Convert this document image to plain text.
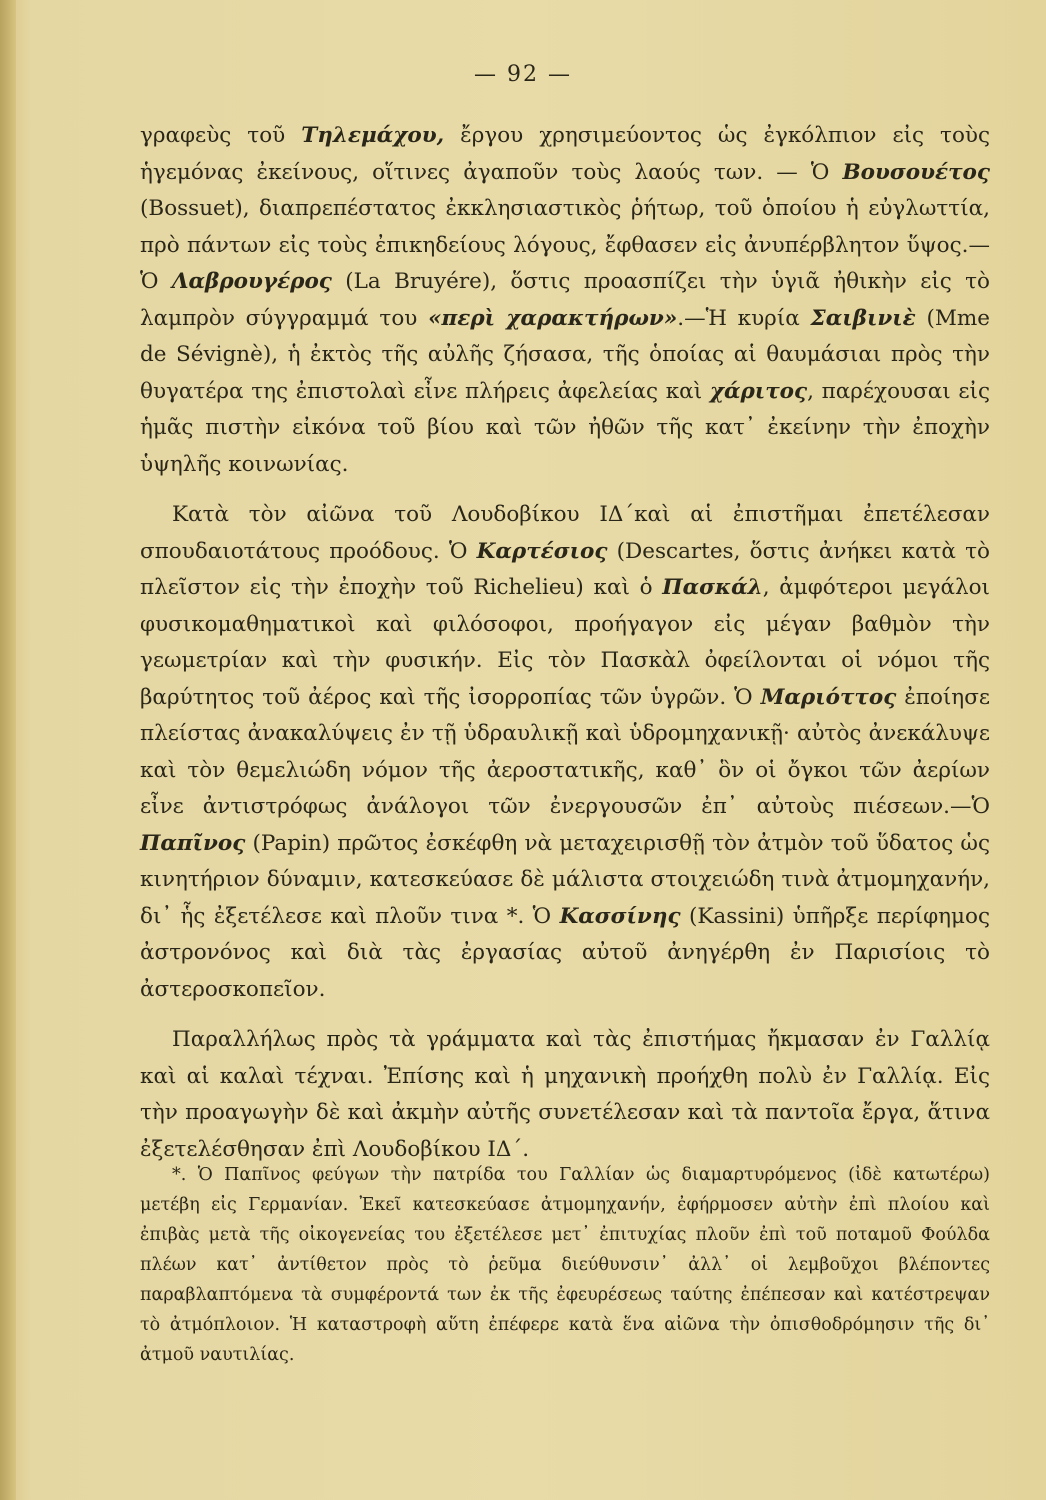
— 92 —

γραφεὺς τοῦ Τηλεμάχου, ἔργου χρησιμεύοντος ὡς ἐγκόλπιον εἰς τοὺς ἡγεμόνας ἐκείνους, οἵτινες ἀγαποῦν τοὺς λαούς των. — Ὁ Βουσουέτος (Bossuet), διαπρεπέστατος ἐκκλησιαστικὸς ῥήτωρ, τοῦ ὁποίου ἡ εὐγλωττία, πρὸ πάντων εἰς τοὺς ἐπικηδείους λόγους, ἔφθασεν εἰς ἀνυπέρβλητον ὕψος.—Ὁ Λαβρουγέρος (La Bruyére), ὅστις προασπίζει τὴν ὑγιᾶ ἠθικὴν εἰς τὸ λαμπρὸν σύγγραμμά του «περὶ χαρακτήρων».—Ἡ κυρία Σαιβινιὲ (Mme de Sévignè), ἡ ἐκτὸς τῆς αὐλῆς ζήσασα, τῆς ὁποίας αἱ θαυμάσιαι πρὸς τὴν θυγατέρα της ἐπιστολαὶ εἶνε πλήρεις ἀφελείας καὶ χάριτος, παρέχουσαι εἰς ἡμᾶς πιστὴν εἰκόνα τοῦ βίου καὶ τῶν ἠθῶν τῆς κατ᾽ ἐκείνην τὴν ἐποχὴν ὑψηλῆς κοινωνίας.

Κατὰ τὸν αἰῶνα τοῦ Λουδοβίκου ΙΔ΄καὶ αἱ ἐπιστῆμαι ἐπετέλεσαν σπουδαιοτάτους προόδους. Ὁ Καρτέσιος (Descartes, ὅστις ἀνήκει κατὰ τὸ πλεῖστον εἰς τὴν ἐποχὴν τοῦ Richelieu) καὶ ὁ Πασκάλ, ἀμφότεροι μεγάλοι φυσικομαθηματικοὶ καὶ φιλόσοφοι, προήγαγον εἰς μέγαν βαθμὸν τὴν γεωμετρίαν καὶ τὴν φυσικήν. Εἰς τὸν Πασκὰλ ὀφείλονται οἱ νόμοι τῆς βαρύτητος τοῦ ἀέρος καὶ τῆς ἰσορροπίας τῶν ὑγρῶν. Ὁ Μαριόττος ἐποίησε πλείστας ἀνακαλύψεις ἐν τῇ ὑδραυλικῇ καὶ ὑδρομηχανικῇ· αὐτὸς ἀνεκάλυψε καὶ τὸν θεμελιώδη νόμον τῆς ἀεροστατικῆς, καθ᾽ ὃν οἱ ὄγκοι τῶν ἀερίων εἶνε ἀντιστρόφως ἀνάλογοι τῶν ἐνεργουσῶν ἐπ᾽ αὐτοὺς πιέσεων.—Ὁ Παπῖνος (Papin) πρῶτος ἐσκέφθη νὰ μεταχειρισθῇ τὸν ἀτμὸν τοῦ ὕδατος ὡς κινητήριον δύναμιν, κατεσκεύασε δὲ μάλιστα στοιχειώδη τινὰ ἀτμομηχανήν, δι᾽ ἧς ἐξετέλεσε καὶ πλοῦν τινα *. Ὁ Κασσίνης (Kassini) ὑπῆρξε περίφημος ἀστρονόνος καὶ διὰ τὰς ἐργασίας αὐτοῦ ἀνηγέρθη ἐν Παρισίοις τὸ ἀστεροσκοπεῖον.

Παραλλήλως πρὸς τὰ γράμματα καὶ τὰς ἐπιστήμας ἤκμασαν ἐν Γαλλίᾳ καὶ αἱ καλαὶ τέχναι. Ἐπίσης καὶ ἡ μηχανικὴ προήχθη πολὺ ἐν Γαλλίᾳ. Εἰς τὴν προαγωγὴν δὲ καὶ ἀκμὴν αὐτῆς συνετέλεσαν καὶ τὰ παντοῖα ἔργα, ἅτινα ἐξετελέσθησαν ἐπὶ Λουδοβίκου ΙΔ΄.

*. Ὁ Παπῖνος φεύγων τὴν πατρίδα του Γαλλίαν ὡς διαμαρτυρόμενος (ἰδὲ κατωτέρω) μετέβη εἰς Γερμανίαν. Ἐκεῖ κατεσκεύασε ἀτμομηχανήν, ἐφήρμοσεν αὐτὴν ἐπὶ πλοίου καὶ ἐπιβὰς μετὰ τῆς οἰκογενείας του ἐξετέλεσε μετ᾽ ἐπιτυχίας πλοῦν ἐπὶ τοῦ ποταμοῦ Φούλδα πλέων κατ᾽ ἀντίθετον πρὸς τὸ ῥεῦμα διεύθυνσιν᾽ ἀλλ᾽ οἱ λεμβοῦχοι βλέποντες παραβλαπτόμενα τὰ συμφέροντά των ἐκ τῆς ἐφευρέσεως ταύτης ἐπέπεσαν καὶ κατέστρεψαν τὸ ἀτμόπλοιον. Ἡ καταστροφὴ αὕτη ἐπέφερε κατὰ ἕνα αἰῶνα τὴν ὀπισθοδρόμησιν τῆς δι᾽ ἀτμοῦ ναυτιλίας.
